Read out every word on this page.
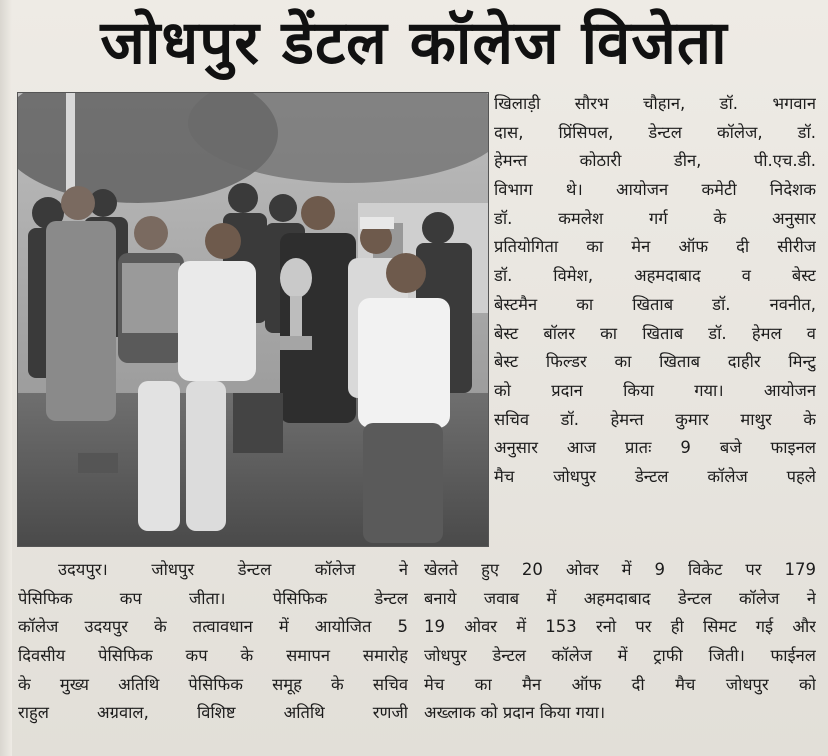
जोधपुर डेंटल कॉलेज विजेता

खिलाड़ी सौरभ चौहान, डॉ. भगवान

दास, प्रिंसिपल, डेन्टल कॉलेज, डॉ.

हेमन्त कोठारी डीन, पी.एच.डी.

विभाग थे। आयोजन कमेटी निदेशक

डॉ. कमलेश गर्ग के अनुसार

प्रतियोगिता का मेन ऑफ दी सीरीज

डॉ. विमेश, अहमदाबाद व बेस्ट

बेस्टमैन का खिताब डॉ. नवनीत,

बेस्ट बॉलर का खिताब डॉ. हेमल व

बेस्ट फिल्डर का खिताब दाहीर मिन्टु

को प्रदान किया गया। आयोजन

सचिव डॉ. हेमन्त कुमार माथुर के

अनुसार आज प्रातः 9 बजे फाइनल

मैच जोधपुर डेन्टल कॉलेज पहले

उदयपुर। जोधपुर डेन्टल कॉलेज ने

पेसिफिक कप जीता। पेसिफिक डेन्टल

कॉलेज उदयपुर के तत्वावधान में आयोजित 5

दिवसीय पेसिफिक कप के समापन समारोह

के मुख्य अतिथि पेसिफिक समूह के सचिव

राहुल अग्रवाल, विशिष्ट अतिथि रणजी

खेलते हुए 20 ओवर में 9 विकेट पर 179

बनाये जवाब में अहमदाबाद डेन्टल कॉलेज ने

19 ओवर में 153 रनो पर ही सिमट गई और

जोधपुर डेन्टल कॉलेज में ट्राफी जिती। फाईनल

मेच का मैन ऑफ दी मैच जोधपुर को

अख्लाक को प्रदान किया गया।
